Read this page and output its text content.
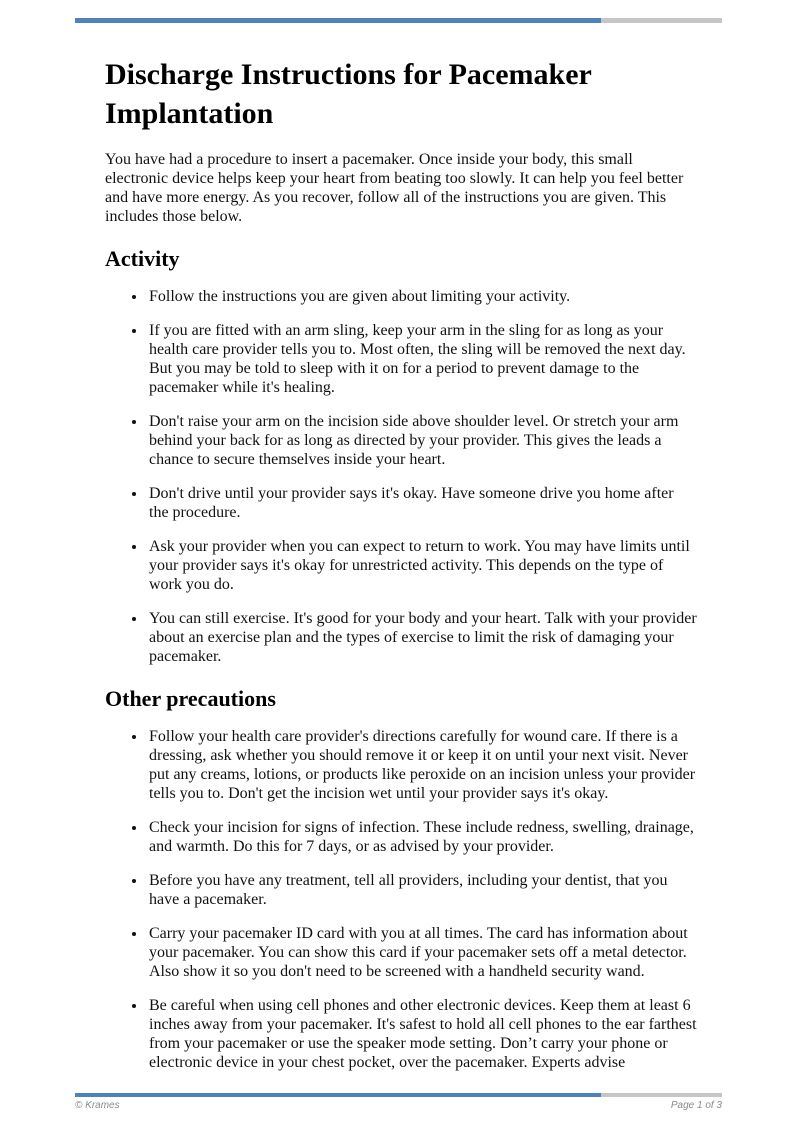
Discharge Instructions for Pacemaker Implantation

You have had a procedure to insert a pacemaker. Once inside your body, this small electronic device helps keep your heart from beating too slowly. It can help you feel better and have more energy. As you recover, follow all of the instructions you are given. This includes those below.

Activity
• Follow the instructions you are given about limiting your activity.
• If you are fitted with an arm sling, keep your arm in the sling for as long as your health care provider tells you to. Most often, the sling will be removed the next day. But you may be told to sleep with it on for a period to prevent damage to the pacemaker while it's healing.
• Don't raise your arm on the incision side above shoulder level. Or stretch your arm behind your back for as long as directed by your provider. This gives the leads a chance to secure themselves inside your heart.
• Don't drive until your provider says it's okay. Have someone drive you home after the procedure.
• Ask your provider when you can expect to return to work. You may have limits until your provider says it's okay for unrestricted activity. This depends on the type of work you do.
• You can still exercise. It's good for your body and your heart. Talk with your provider about an exercise plan and the types of exercise to limit the risk of damaging your pacemaker.
Other precautions
• Follow your health care provider's directions carefully for wound care. If there is a dressing, ask whether you should remove it or keep it on until your next visit. Never put any creams, lotions, or products like peroxide on an incision unless your provider tells you to. Don't get the incision wet until your provider says it's okay.
• Check your incision for signs of infection. These include redness, swelling, drainage, and warmth. Do this for 7 days, or as advised by your provider.
• Before you have any treatment, tell all providers, including your dentist, that you have a pacemaker.
• Carry your pacemaker ID card with you at all times. The card has information about your pacemaker. You can show this card if your pacemaker sets off a metal detector. Also show it so you don't need to be screened with a handheld security wand.
• Be careful when using cell phones and other electronic devices. Keep them at least 6 inches away from your pacemaker. It's safest to hold all cell phones to the ear farthest from your pacemaker or use the speaker mode setting. Don’t carry your phone or electronic device in your chest pocket, over the pacemaker. Experts advise
© Krames	Page 1 of 3
